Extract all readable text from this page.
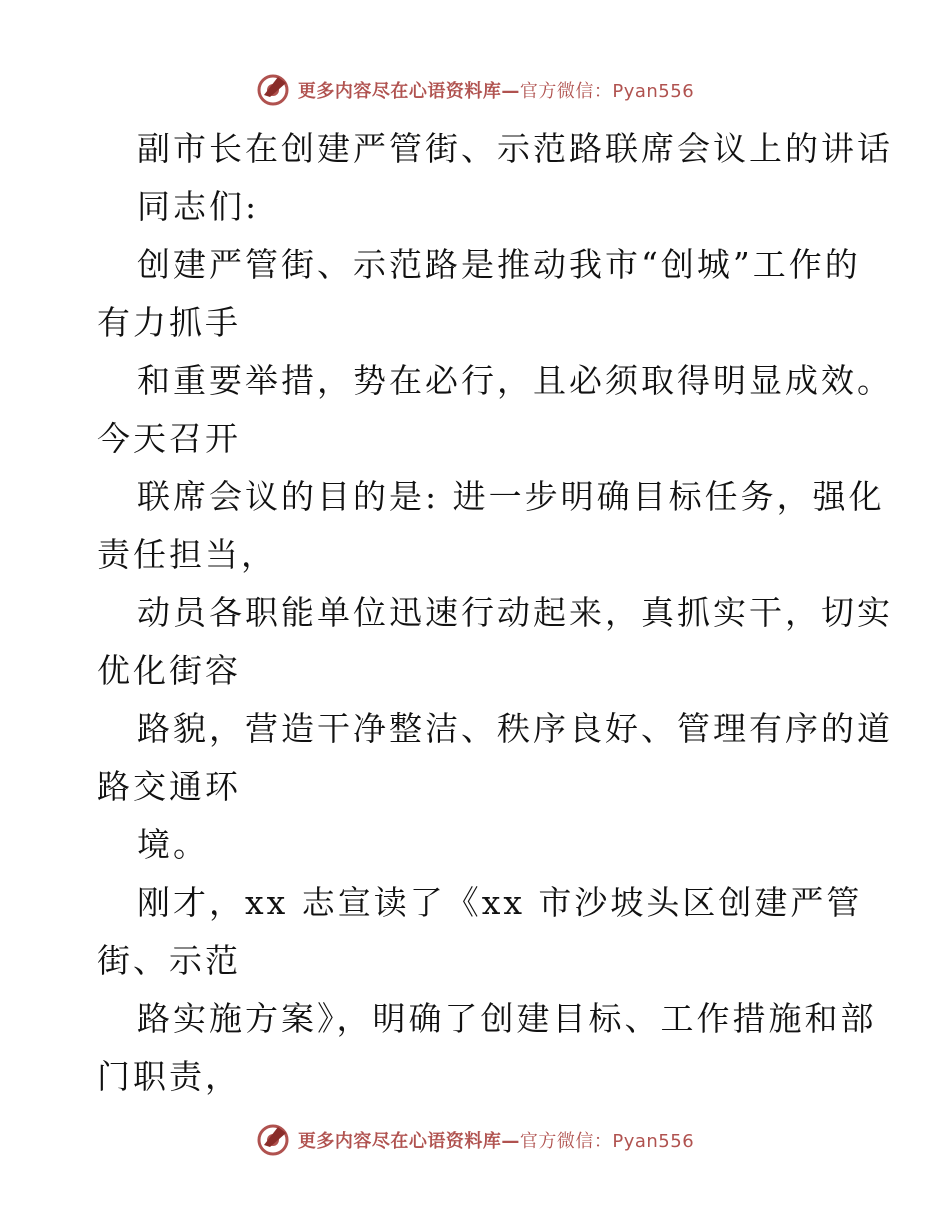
更多内容尽在心语资料库—官方微信：Pyan556
副市长在创建严管街、示范路联席会议上的讲话
同志们:
创建严管街、示范路是推动我市“创城”工作的
有力抓手
和重要举措，势在必行，且必须取得明显成效。
今天召开
联席会议的目的是: 进一步明确目标任务，强化
责任担当，
动员各职能单位迅速行动起来，真抓实干，切实
优化街容
路貌，营造干净整洁、秩序良好、管理有序的道
路交通环
境。
刚才，xx 志宣读了《xx 市沙坡头区创建严管
街、示范
路实施方案》，明确了创建目标、工作措施和部
门职责，
更多内容尽在心语资料库—官方微信：Pyan556
